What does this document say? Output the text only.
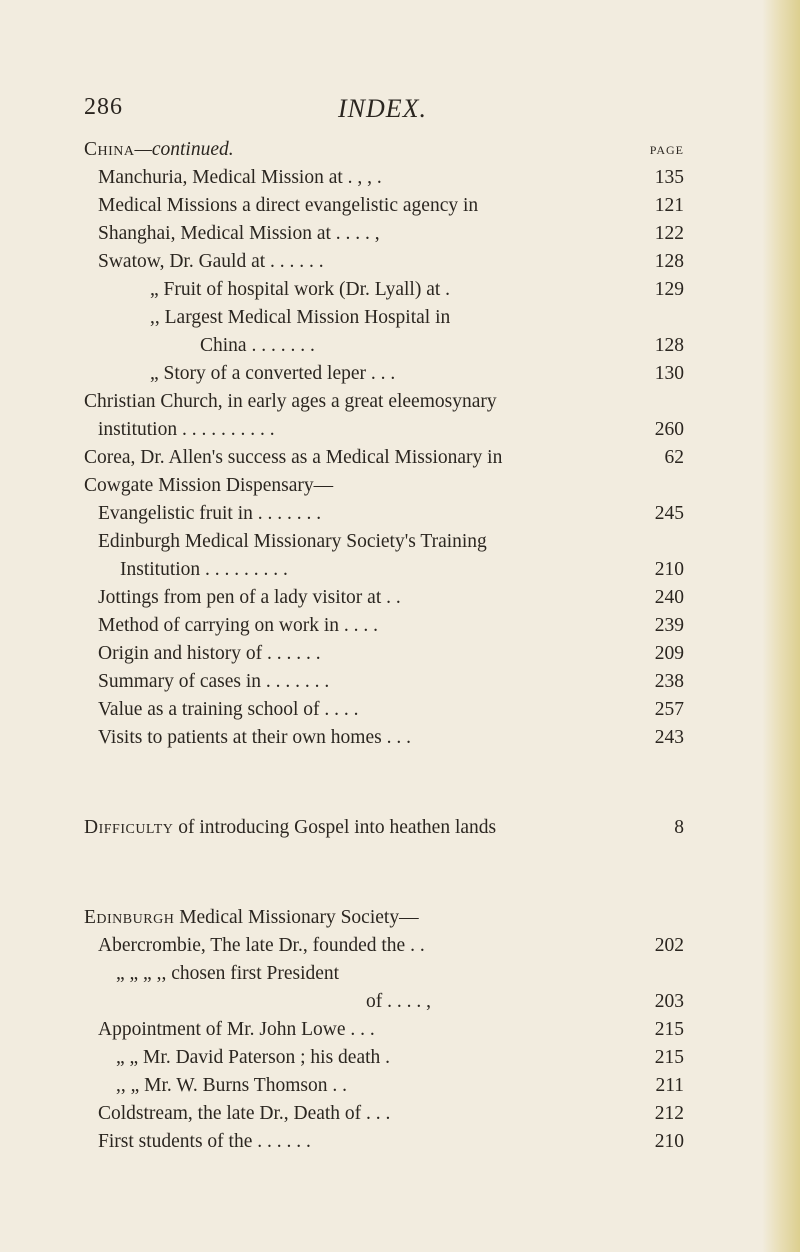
286	INDEX.
China—continued.	PAGE
Manchuria, Medical Mission at . , , .	135
Medical Missions a direct evangelistic agency in	121
Shanghai, Medical Mission at . . . . ,	122
Swatow, Dr. Gauld at . . . . . .	128
„ Fruit of hospital work (Dr. Lyall) at .	129
,, Largest Medical Mission Hospital in
China . . . . . . .	128
„ Story of a converted leper . . .	130
Christian Church, in early ages a great eleemosynary
institution . . . . . . . . . .	260
Corea, Dr. Allen's success as a Medical Missionary in	62
Cowgate Mission Dispensary—
Evangelistic fruit in . . . . . . .	245
Edinburgh Medical Missionary Society's Training
Institution . . . . . . . . .	210
Jottings from pen of a lady visitor at . .	240
Method of carrying on work in . . . .	239
Origin and history of . . . . . .	209
Summary of cases in . . . . . . .	238
Value as a training school of . . . .	257
Visits to patients at their own homes . . .	243
Difficulty of introducing Gospel into heathen lands	8
Edinburgh Medical Missionary Society—
Abercrombie, The late Dr., founded the . .	202
„ „ „ ,, chosen first President
of . . . . ,	203
Appointment of Mr. John Lowe . . .	215
„ „ Mr. David Paterson ; his death .	215
,, „ Mr. W. Burns Thomson . .	211
Coldstream, the late Dr., Death of . . .	212
First students of the . . . . . .	210
